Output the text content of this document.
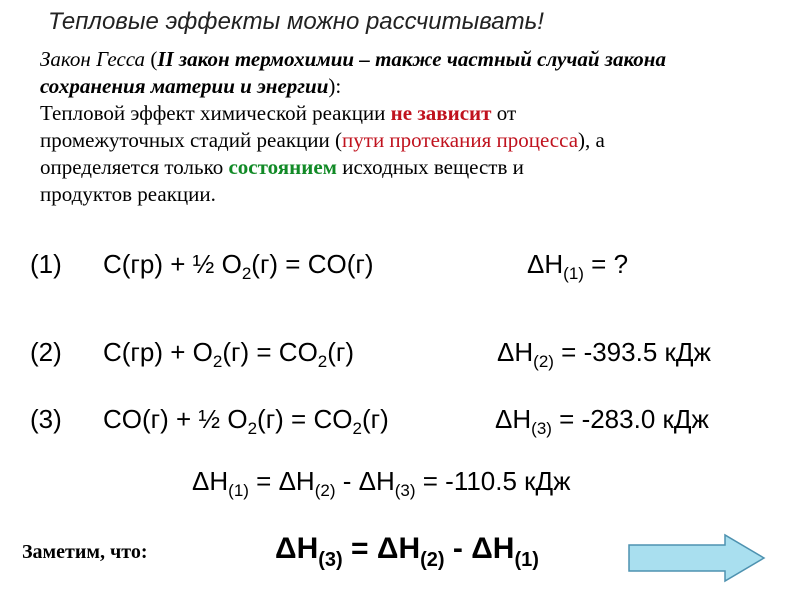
Тепловые эффекты можно рассчитывать!
Закон Гесса (II закон термохимии – также частный случай закона
сохранения материи и энергии):
Тепловой эффект химической реакции не зависит от
промежуточных стадий реакции (пути протекания процесса), а
определяется только состоянием исходных веществ и
продуктов реакции.
(1) С(гр) + ½ $O_2(г) = CO(г)$	$\Delta H_{(1)}$ = ?
(2) $С(гр) + O_2(г) = CO_2(г)$	$\Delta H_{(2)} = -393.5$ кДж
(3) CO(г) + ½ $O_2(г) = CO_2(г)$	$\Delta H_{(3)} = -283.0$ кДж
$\Delta H_{(1)} = \Delta H_{(2)} - \Delta H_{(3)} = -110.5$ кДж
Заметим, что:	$\Delta H_{(3)} = \Delta H_{(2)} - \Delta H_{(1)}$
